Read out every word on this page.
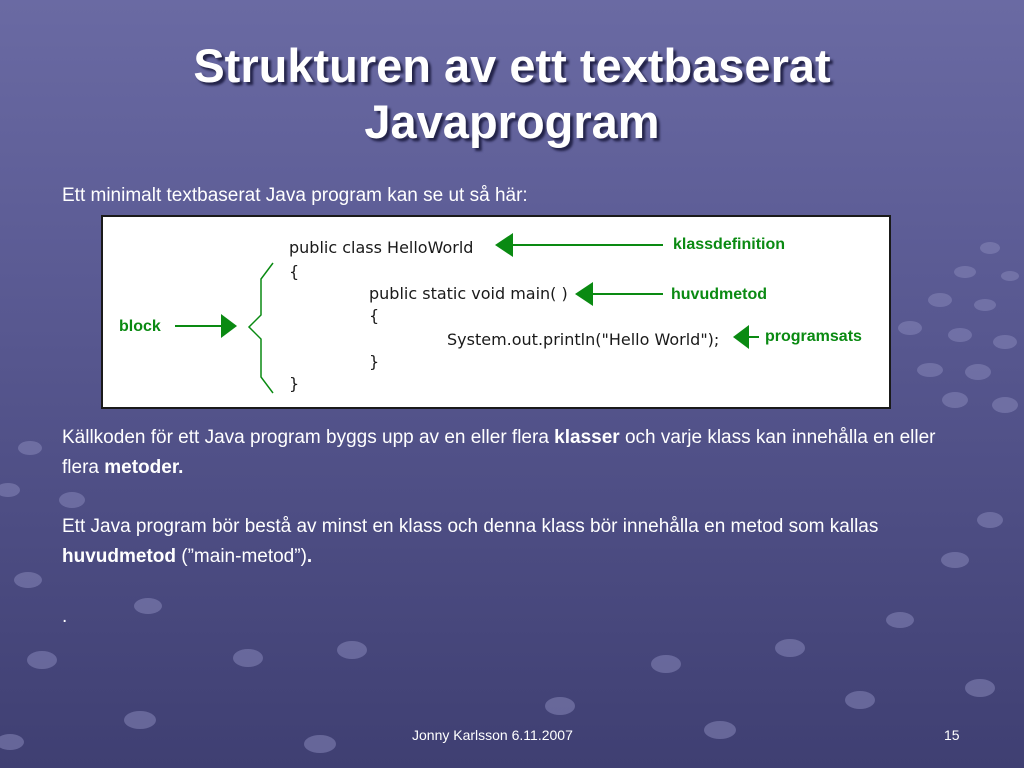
Strukturen av ett textbaserat
Javaprogram
Ett minimalt textbaserat Java program kan se ut så här:
public class HelloWorld
{
public static void main( )
{
System.out.println("Hello World");
}
}
klassdefinition
huvudmetod
programsats
block
Källkoden för ett Java program byggs upp av en eller flera klasser och varje klass kan innehålla en eller flera metoder.
Ett Java program bör bestå av minst en klass och denna klass bör innehålla en metod som kallas huvudmetod (”main-metod”).
.
Jonny Karlsson 6.11.2007	15
